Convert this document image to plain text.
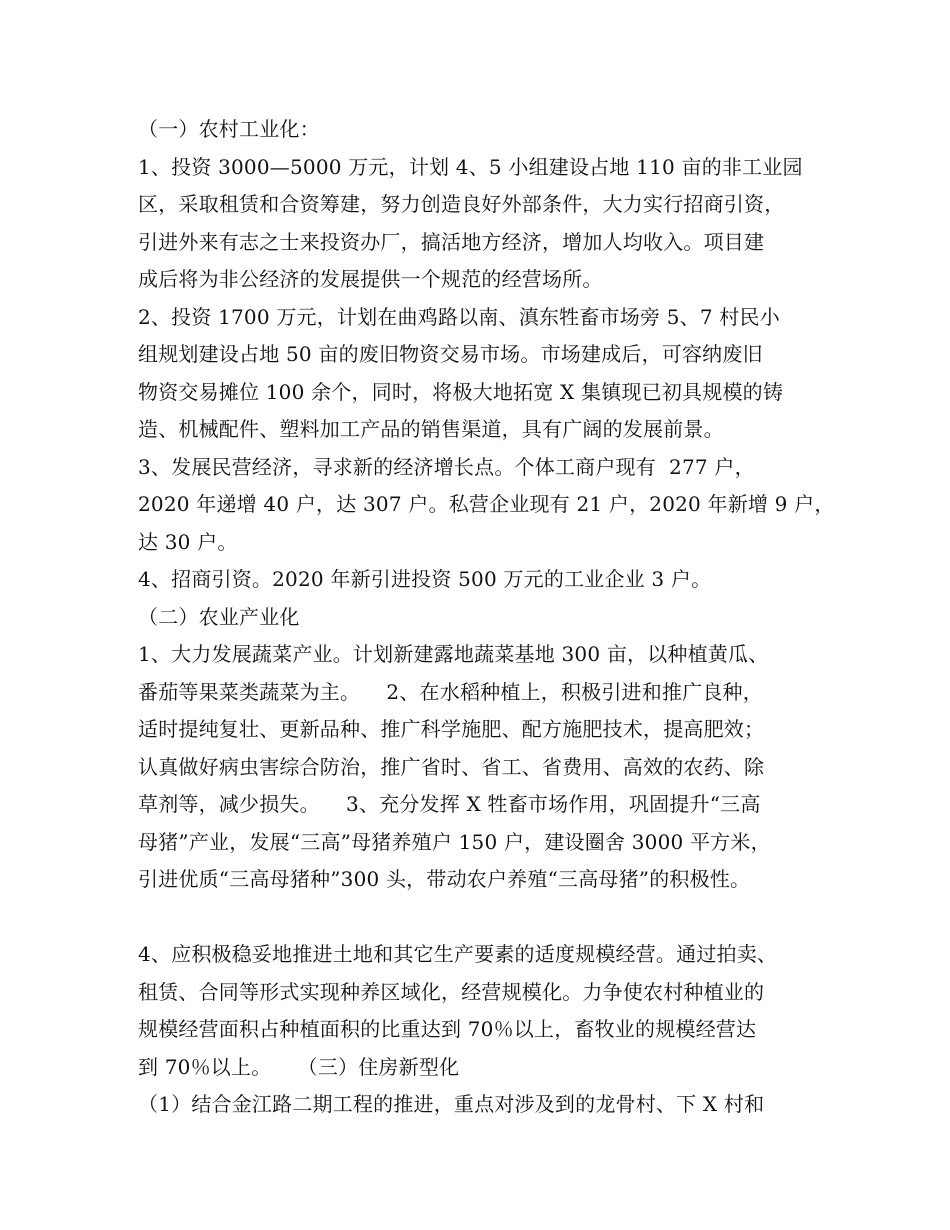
（一）农村工业化：
1、投资 3000—5000 万元，计划 4、5 小组建设占地 110 亩的非工业园
区，采取租赁和合资筹建，努力创造良好外部条件，大力实行招商引资，
引进外来有志之士来投资办厂，搞活地方经济，增加人均收入。项目建
成后将为非公经济的发展提供一个规范的经营场所。
2、投资 1700 万元，计划在曲鸡路以南、滇东牲畜市场旁 5、7 村民小
组规划建设占地 50 亩的废旧物资交易市场。市场建成后，可容纳废旧
物资交易摊位 100 余个，同时，将极大地拓宽 X 集镇现已初具规模的铸
造、机械配件、塑料加工产品的销售渠道，具有广阔的发展前景。
3、发展民营经济，寻求新的经济增长点。个体工商户现有  277 户，
2020 年递增 40 户，达 307 户。私营企业现有 21 户，2020 年新增 9 户，
达 30 户。
4、招商引资。2020 年新引进投资 500 万元的工业企业 3 户。
（二）农业产业化
1、大力发展蔬菜产业。计划新建露地蔬菜基地 300 亩，以种植黄瓜、
番茄等果菜类蔬菜为主。    2、在水稻种植上，积极引进和推广良种，
适时提纯复壮、更新品种、推广科学施肥、配方施肥技术，提高肥效；
认真做好病虫害综合防治，推广省时、省工、省费用、高效的农药、除
草剂等，减少损失。    3、充分发挥 X 牲畜市场作用，巩固提升“三高
母猪”产业，发展“三高”母猪养殖户 150 户，建设圈舍 3000 平方米，
引进优质“三高母猪种”300 头，带动农户养殖“三高母猪”的积极性。
4、应积极稳妥地推进土地和其它生产要素的适度规模经营。通过拍卖、
租赁、合同等形式实现种养区域化，经营规模化。力争使农村种植业的
规模经营面积占种植面积的比重达到 70％以上，畜牧业的规模经营达
到 70％以上。    （三）住房新型化
（1）结合金江路二期工程的推进，重点对涉及到的龙骨村、下 X 村和
